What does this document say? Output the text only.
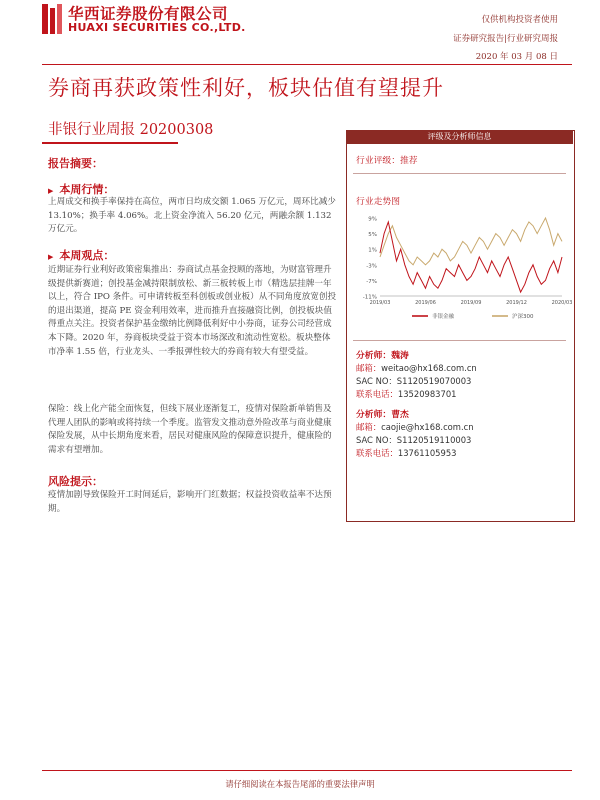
华西证券股份有限公司
HUAXI SECURITIES CO.,LTD.
仅供机构投资者使用
证券研究报告|行业研究周报
2020 年 03 月 08 日
券商再获政策性利好，板块估值有望提升
非银行业周报 20200308
报告摘要：
▶ 本周行情：
上周成交和换手率保持在高位，两市日均成交额 1.065 万亿元，周环比减少 13.10%；换手率 4.06%。北上资金净流入 56.20 亿元，两融余额 1.132 万亿元。
▶ 本周观点：
近期证券行业利好政策密集推出：券商试点基金投顾的落地，为财富管理升级提供新赛道；创投基金减持限制放松、新三板转板上市（精选层挂牌一年以上，符合 IPO 条件。可申请转板至科创板或创业板）从不同角度放宽创投的退出渠道，提高 PE 资金利用效率，进而推升直接融资比例，创投板块值得重点关注。投资者保护基金缴纳比例降低利好中小券商，证券公司经营成本下降。2020 年，券商板块受益于资本市场深改和流动性宽松。板块整体市净率 1.55 倍，行业龙头、一季报弹性较大的券商有较大有望受益。
保险：线上化产能全面恢复，但线下展业逐渐复工，疫情对保险新单销售及代理人团队的影响或将持续一个季度。监管发文推动意外险改革与商业健康保险发展，从中长期角度来看，居民对健康风险的保障意识提升，健康险的需求有望增加。
风险提示：
疫情加剧导致保险开工时间延后，影响开门红数据；权益投资收益率不达预期。
评级及分析师信息
行业评级：推荐
行业走势图
9%
5%
1%
-3%
-7%
-11%
2019/03	2019/06	2019/09	2019/12	2020/03
非银金融	沪深300
分析师：魏涛
邮箱：weitao@hx168.com.cn
SAC NO：S1120519070003
联系电话：13520983701
分析师：曹杰
邮箱：caojie@hx168.com.cn
SAC NO：S1120519110003
联系电话：13761105953
请仔细阅读在本报告尾部的重要法律声明
